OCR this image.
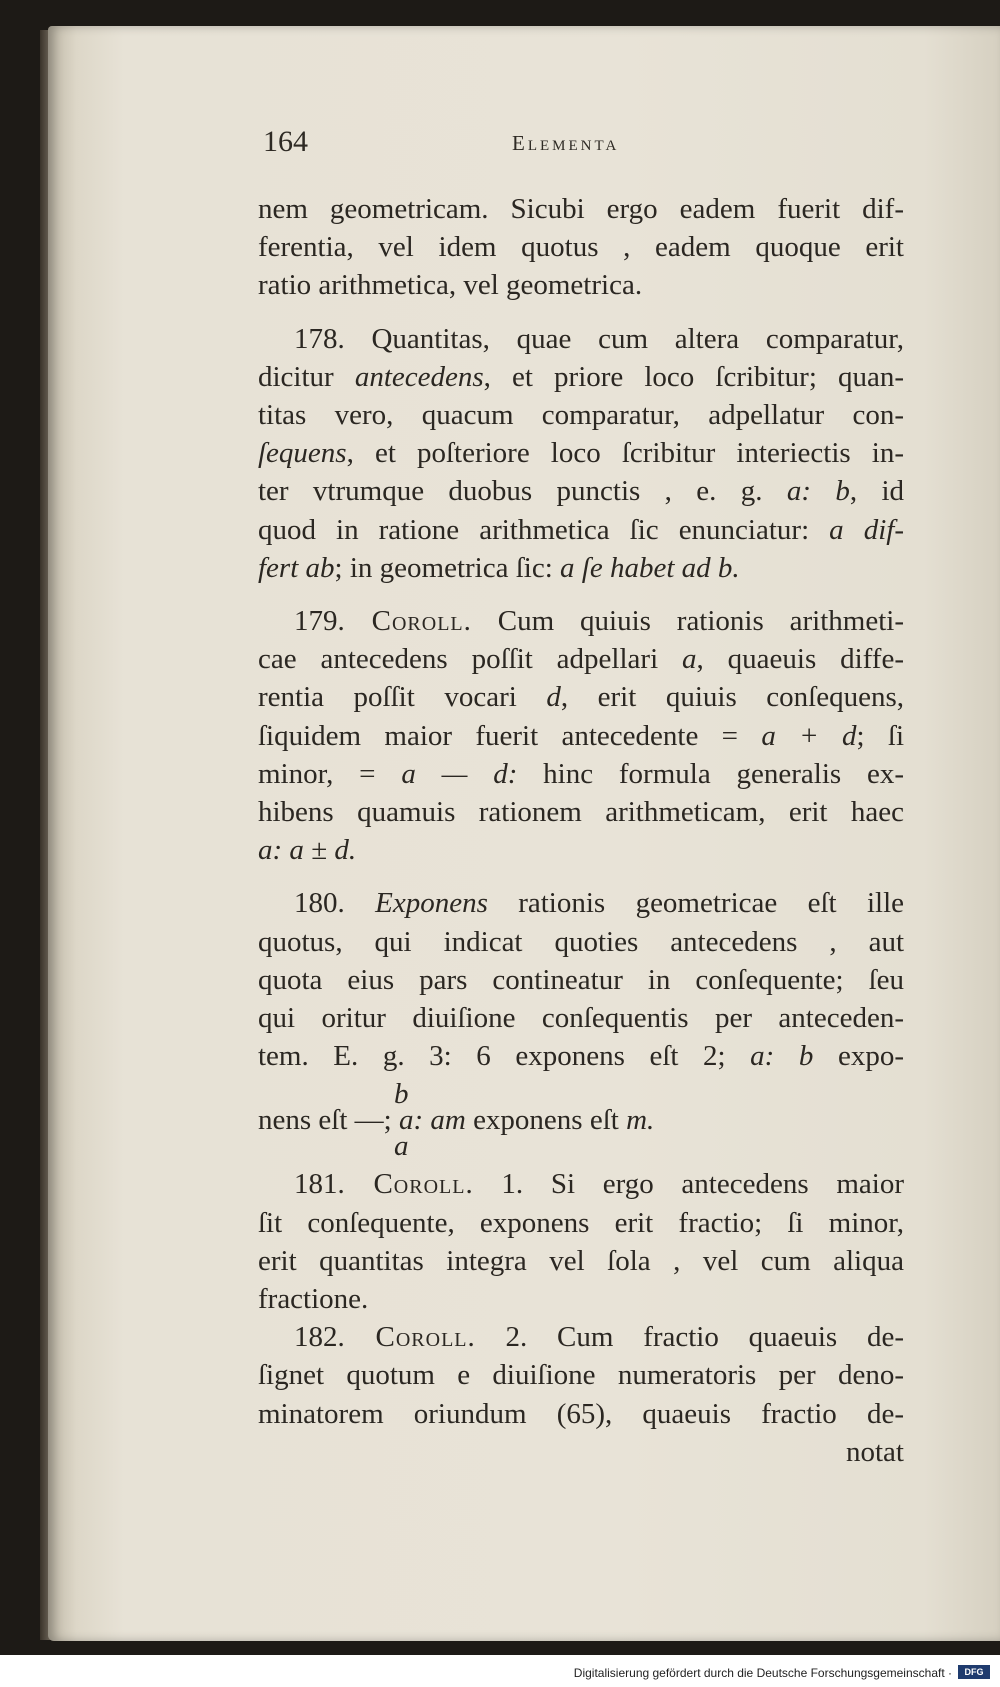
164	Elementa
nem geometricam. Sicubi ergo eadem fuerit dif-
ferentia, vel idem quotus , eadem quoque erit
ratio arithmetica, vel geometrica.
178. Quantitas, quae cum altera comparatur,
dicitur antecedens, et priore loco ſcribitur; quan-
titas vero, quacum comparatur, adpellatur con-
ſequens, et poſteriore loco ſcribitur interiectis in-
ter vtrumque duobus punctis , e. g. a: b, id
quod in ratione arithmetica ſic enunciatur: a dif-
fert ab; in geometrica ſic: a ſe habet ad b.
179. Coroll. Cum quiuis rationis arithmeti-
cae antecedens poſſit adpellari a, quaeuis diffe-
rentia poſſit vocari d, erit quiuis conſequens,
ſiquidem maior fuerit antecedente = a + d; ſi
minor, = a — d: hinc formula generalis ex-
hibens quamuis rationem arithmeticam, erit haec
a: a ± d.
180. Exponens rationis geometricae eſt ille
quotus, qui indicat quoties antecedens , aut
quota eius pars contineatur in conſequente; ſeu
qui oritur diuiſione conſequentis per anteceden-
tem. E. g. 3: 6 exponens eſt 2; a: b expo-
b
nens eſt —; a: am exponens eſt m.
a
181. Coroll. 1. Si ergo antecedens maior
ſit conſequente, exponens erit fractio; ſi minor,
erit quantitas integra vel ſola , vel cum aliqua
fractione.
182. Coroll. 2. Cum fractio quaeuis de-
ſignet quotum e diuiſione numeratoris per deno-
minatorem oriundum (65), quaeuis fractio de-
notat
Digitalisierung gefördert durch die Deutsche Forschungsgemeinschaft ·	DFG
